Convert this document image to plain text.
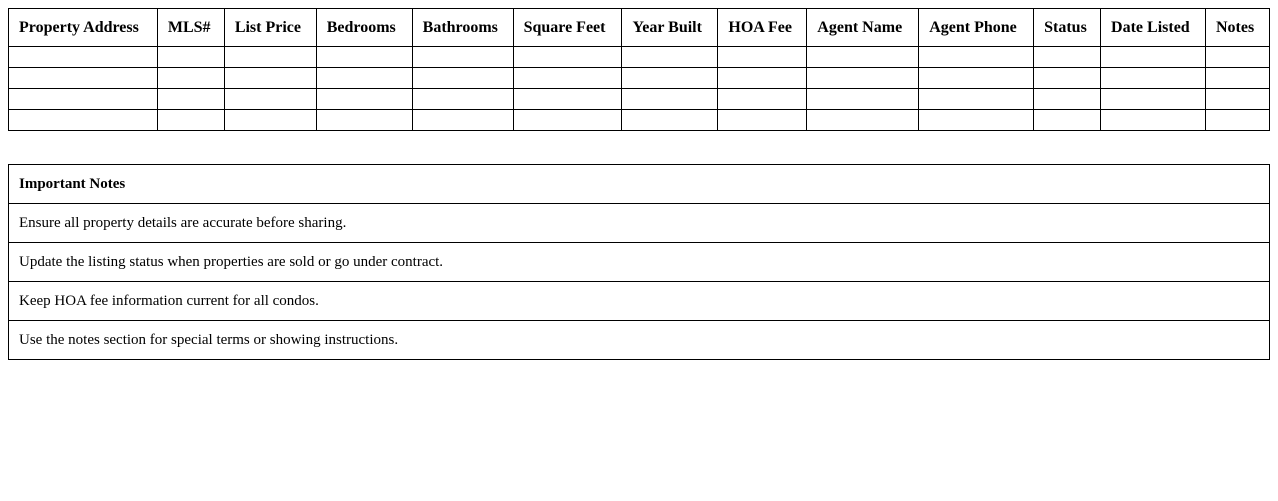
Property Address	MLS#	List Price	Bedrooms	Bathrooms	Square Feet	Year Built	HOA Fee	Agent Name	Agent Phone	Status	Date Listed	Notes

Important Notes
Ensure all property details are accurate before sharing.
Update the listing status when properties are sold or go under contract.
Keep HOA fee information current for all condos.
Use the notes section for special terms or showing instructions.
